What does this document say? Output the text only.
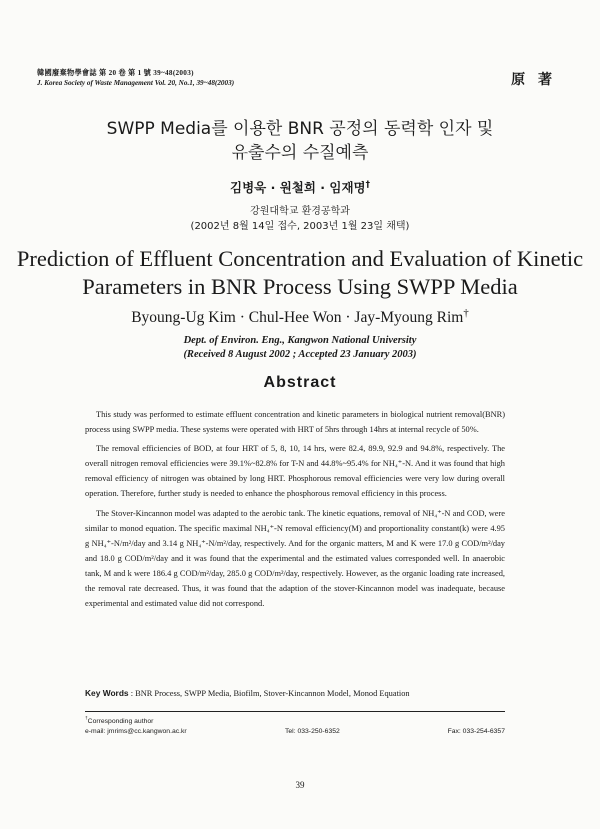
韓國廢棄物學會誌 第 20 卷 第 1 號 39~48(2003)
J. Korea Society of Waste Management Vol. 20, No.1, 39~48(2003)	原 著
SWPP Media를 이용한 BNR 공정의 동력학 인자 및
유출수의 수질예측
김병욱 · 원철희 · 임재명†
강원대학교 환경공학과
(2002년 8월 14일 접수, 2003년 1월 23일 채택)
Prediction of Effluent Concentration and Evaluation of Kinetic
Parameters in BNR Process Using SWPP Media
Byoung-Ug Kim · Chul-Hee Won · Jay-Myoung Rim†
Dept. of Environ. Eng., Kangwon National University
(Received 8 August 2002 ; Accepted 23 January 2003)
Abstract

This study was performed to estimate effluent concentration and kinetic parameters in biological nutrient removal(BNR) process using SWPP media. These systems were operated with HRT of 5hrs through 14hrs at internal recycle of 50%.

The removal efficiencies of BOD, at four HRT of 5, 8, 10, 14 hrs, were 82.4, 89.9, 92.9 and 94.8%, respectively. The overall nitrogen removal efficiencies were 39.1%~82.8% for T-N and 44.8%~95.4% for NH₄⁺-N. And it was found that high removal efficiency of nitrogen was obtained by long HRT. Phosphorous removal efficiencies were very low during overall operation. Therefore, further study is needed to enhance the phosphorous removal efficiency in this process.

The Stover-Kincannon model was adapted to the aerobic tank. The kinetic equations, removal of NH₄⁺-N and COD, were similar to monod equation. The specific maximal NH₄⁺-N removal efficiency(M) and proportionality constant(k) were 4.95 g NH₄⁺-N/m²/day and 3.14 g NH₄⁺-N/m²/day, respectively. And for the organic matters, M and K were 17.0 g COD/m²/day and 18.0 g COD/m²/day and it was found that the experimental and the estimated values corresponded well. In anaerobic tank, M and k were 186.4 g COD/m²/day, 285.0 g COD/m²/day, respectively. However, as the organic loading rate increased, the removal rate decreased. Thus, it was found that the adaption of the stover-Kincannon model was inadequate, because experimental and estimated value did not correspond.

Key Words : BNR Process, SWPP Media, Biofilm, Stover-Kincannon Model, Monod Equation
†Corresponding author
e-mail: jmrims@cc.kangwon.ac.kr	Tel: 033-250-6352	Fax: 033-254-6357
39
